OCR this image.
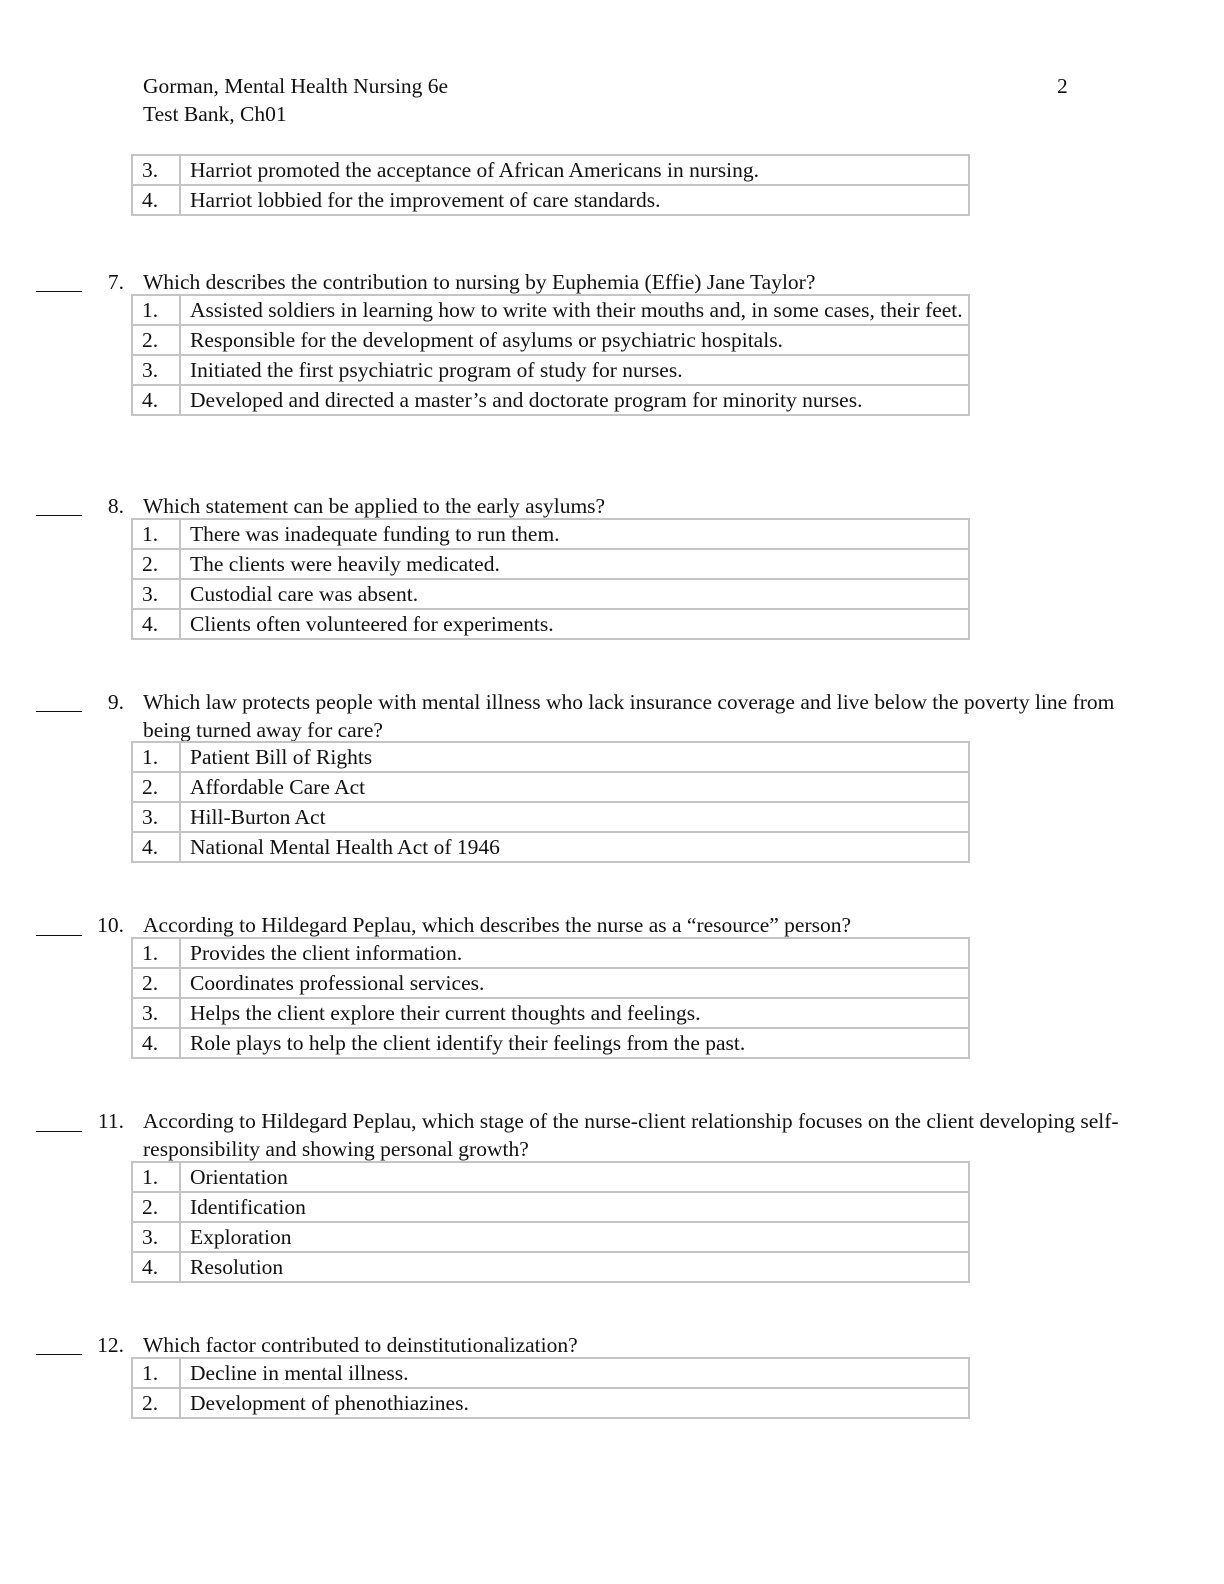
Gorman, Mental Health Nursing 6e
Test Bank, Ch01
2
3.	Harriot promoted the acceptance of African Americans in nursing.
4.	Harriot lobbied for the improvement of care standards.
7. Which describes the contribution to nursing by Euphemia (Effie) Jane Taylor?
1.	Assisted soldiers in learning how to write with their mouths and, in some cases, their feet.
2.	Responsible for the development of asylums or psychiatric hospitals.
3.	Initiated the first psychiatric program of study for nurses.
4.	Developed and directed a master’s and doctorate program for minority nurses.
8. Which statement can be applied to the early asylums?
1.	There was inadequate funding to run them.
2.	The clients were heavily medicated.
3.	Custodial care was absent.
4.	Clients often volunteered for experiments.
9. Which law protects people with mental illness who lack insurance coverage and live below the poverty line from being turned away for care?
1.	Patient Bill of Rights
2.	Affordable Care Act
3.	Hill-Burton Act
4.	National Mental Health Act of 1946
10. According to Hildegard Peplau, which describes the nurse as a “resource” person?
1.	Provides the client information.
2.	Coordinates professional services.
3.	Helps the client explore their current thoughts and feelings.
4.	Role plays to help the client identify their feelings from the past.
11. According to Hildegard Peplau, which stage of the nurse-client relationship focuses on the client developing self-responsibility and showing personal growth?
1.	Orientation
2.	Identification
3.	Exploration
4.	Resolution
12. Which factor contributed to deinstitutionalization?
1.	Decline in mental illness.
2.	Development of phenothiazines.
